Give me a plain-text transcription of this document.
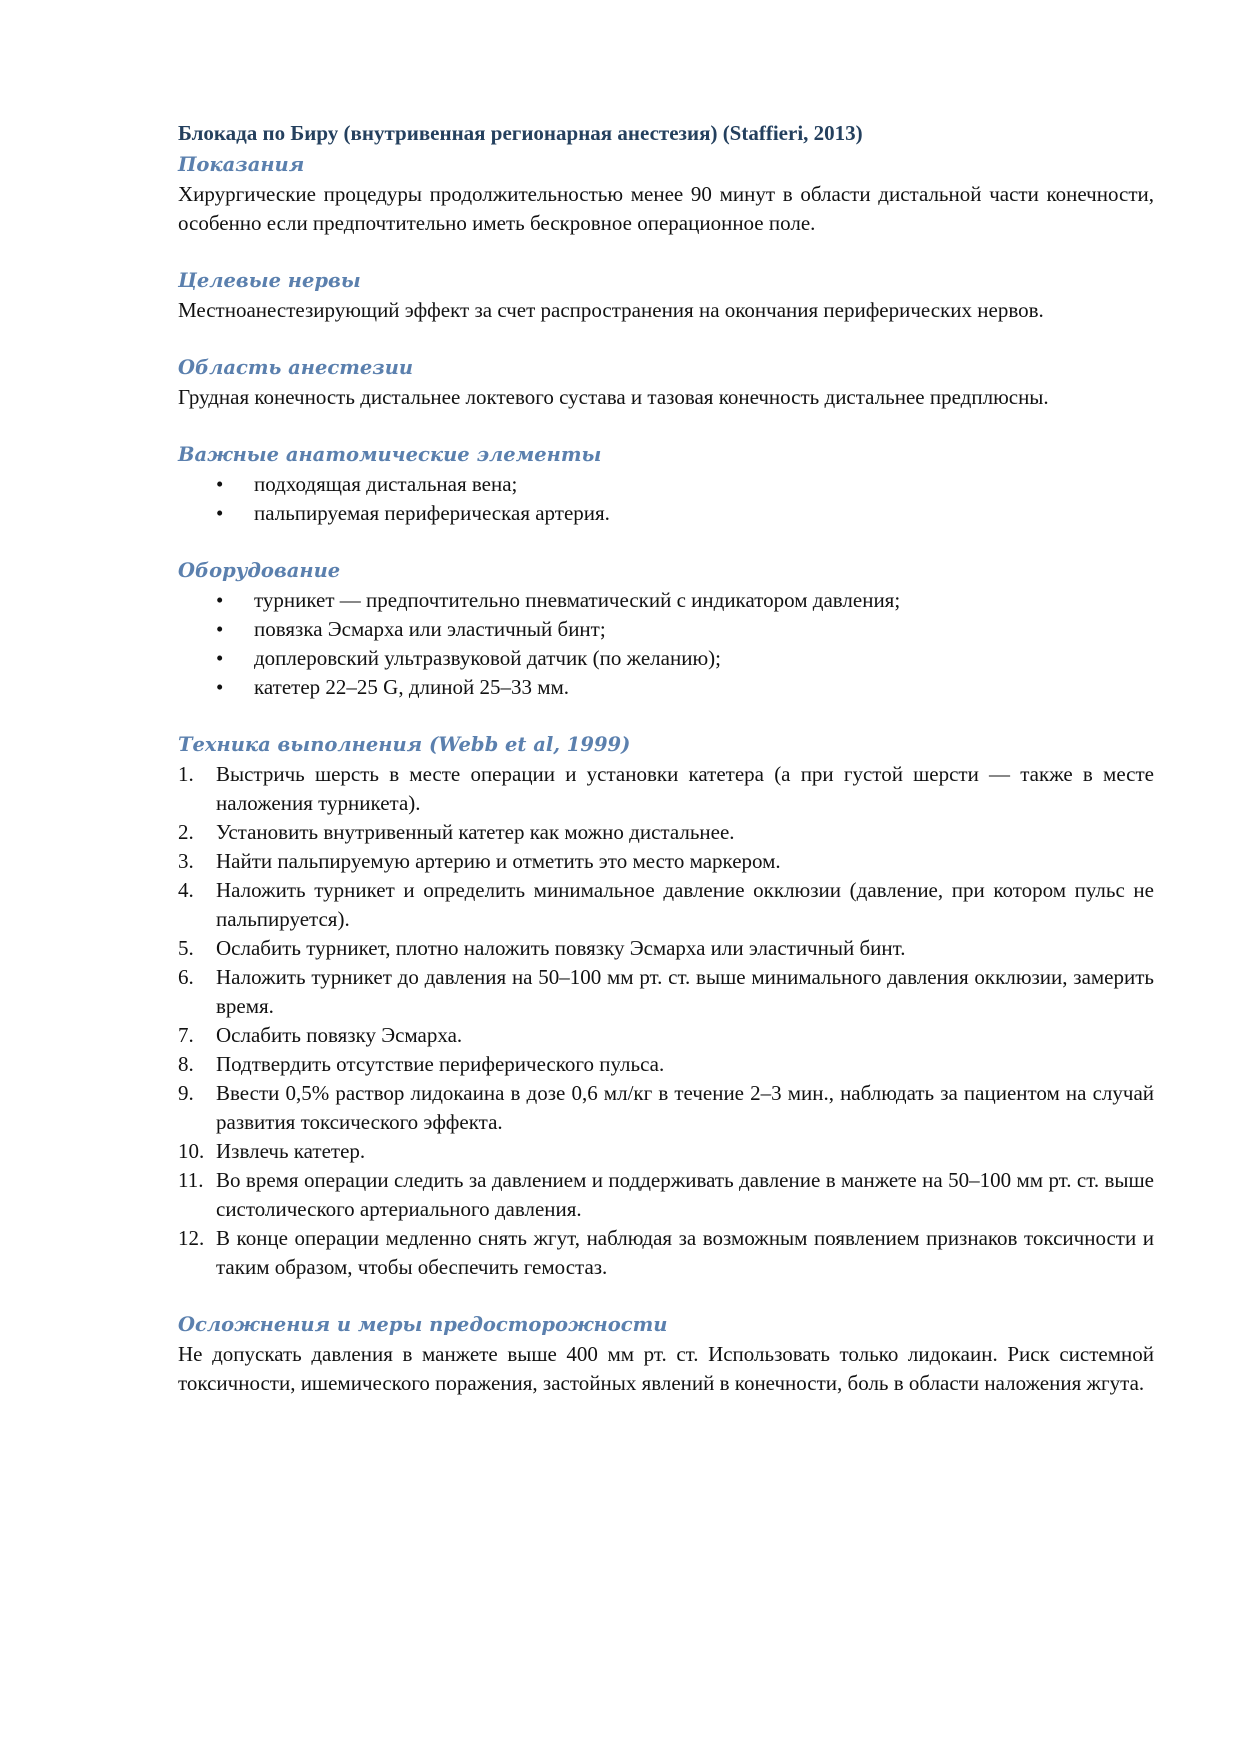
Блокада по Биру (внутривенная регионарная анестезия) (Staffieri, 2013)
Показания

Хирургические процедуры продолжительностью менее 90 минут в области дистальной части конечности, особенно если предпочтительно иметь бескровное операционное поле.

Целевые нервы

Местноанестезирующий эффект за счет распространения на окончания периферических нервов.

Область анестезии

Грудная конечность дистальнее локтевого сустава и тазовая конечность дистальнее предплюсны.

Важные анатомические элементы
• подходящая дистальная вена;
• пальпируемая периферическая артерия.
Оборудование
• турникет — предпочтительно пневматический с индикатором давления;
• повязка Эсмарха или эластичный бинт;
• доплеровский ультразвуковой датчик (по желанию);
• катетер 22–25 G, длиной 25–33 мм.
Техника выполнения (Webb et al, 1999)
1. Выстричь шерсть в месте операции и установки катетера (а при густой шерсти — также в месте наложения турникета).
2. Установить внутривенный катетер как можно дистальнее.
3. Найти пальпируемую артерию и отметить это место маркером.
4. Наложить турникет и определить минимальное давление окклюзии (давление, при котором пульс не пальпируется).
5. Ослабить турникет, плотно наложить повязку Эсмарха или эластичный бинт.
6. Наложить турникет до давления на 50–100 мм рт. ст. выше минимального давления окклюзии, замерить время.
7. Ослабить повязку Эсмарха.
8. Подтвердить отсутствие периферического пульса.
9. Ввести 0,5% раствор лидокаина в дозе 0,6 мл/кг в течение 2–3 мин., наблюдать за пациентом на случай развития токсического эффекта.
10. Извлечь катетер.
11. Во время операции следить за давлением и поддерживать давление в манжете на 50–100 мм рт. ст. выше систолического артериального давления.
12. В конце операции медленно снять жгут, наблюдая за возможным появлением признаков токсичности и таким образом, чтобы обеспечить гемостаз.
Осложнения и меры предосторожности

Не допускать давления в манжете выше 400 мм рт. ст. Использовать только лидокаин. Риск системной токсичности, ишемического поражения, застойных явлений в конечности, боль в области наложения жгута.
